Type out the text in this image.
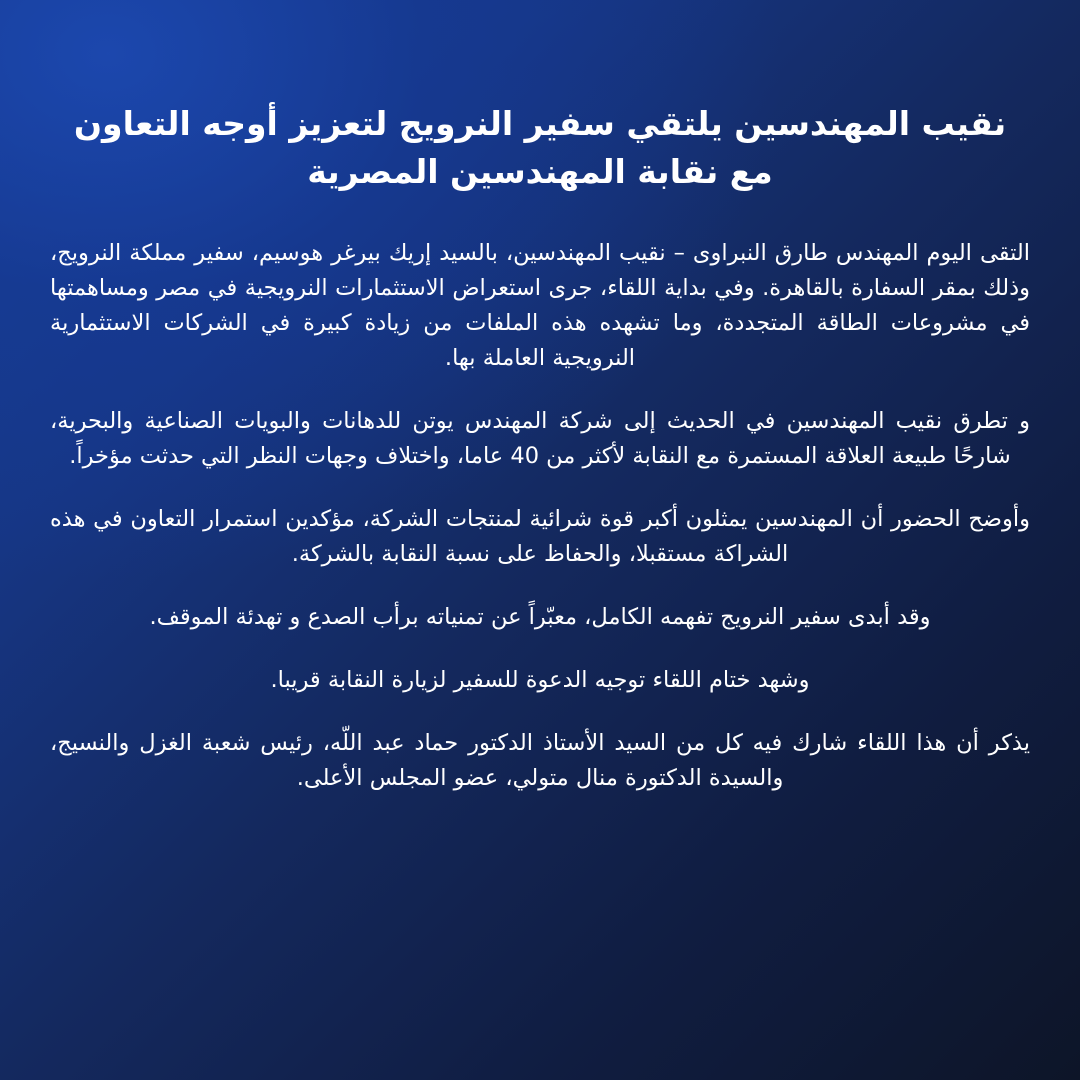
نقيب المهندسين يلتقي سفير النرويج لتعزيز أوجه التعاون مع نقابة المهندسين المصرية

التقى اليوم المهندس طارق النبراوى – نقيب المهندسين، بالسيد إريك بيرغر هوسيم، سفير مملكة النرويج، وذلك بمقر السفارة بالقاهرة. وفي بداية اللقاء، جرى استعراض الاستثمارات النرويجية في مصر ومساهمتها في مشروعات الطاقة المتجددة، وما تشهده هذه الملفات من زيادة كبيرة في الشركات الاستثمارية النرويجية العاملة بها.

و تطرق نقيب المهندسين في الحديث إلى شركة المهندس يوتن للدهانات والبويات الصناعية والبحرية، شارحًا طبيعة العلاقة المستمرة مع النقابة لأكثر من 40 عاما، واختلاف وجهات النظر التي حدثت مؤخراً.

وأوضح الحضور أن المهندسين يمثلون أكبر قوة شرائية لمنتجات الشركة، مؤكدين استمرار التعاون في هذه الشراكة مستقبلا، والحفاظ على نسبة النقابة بالشركة.

وقد أبدى سفير النرويج تفهمه الكامل، معبّراً عن تمنياته برأب الصدع و تهدئة الموقف.

وشهد ختام اللقاء توجيه الدعوة للسفير لزيارة النقابة قريبا.

يذكر أن هذا اللقاء شارك فيه كل من السيد الأستاذ الدكتور حماد عبد اللّه، رئيس شعبة الغزل والنسيج، والسيدة الدكتورة منال متولي، عضو المجلس الأعلى.
